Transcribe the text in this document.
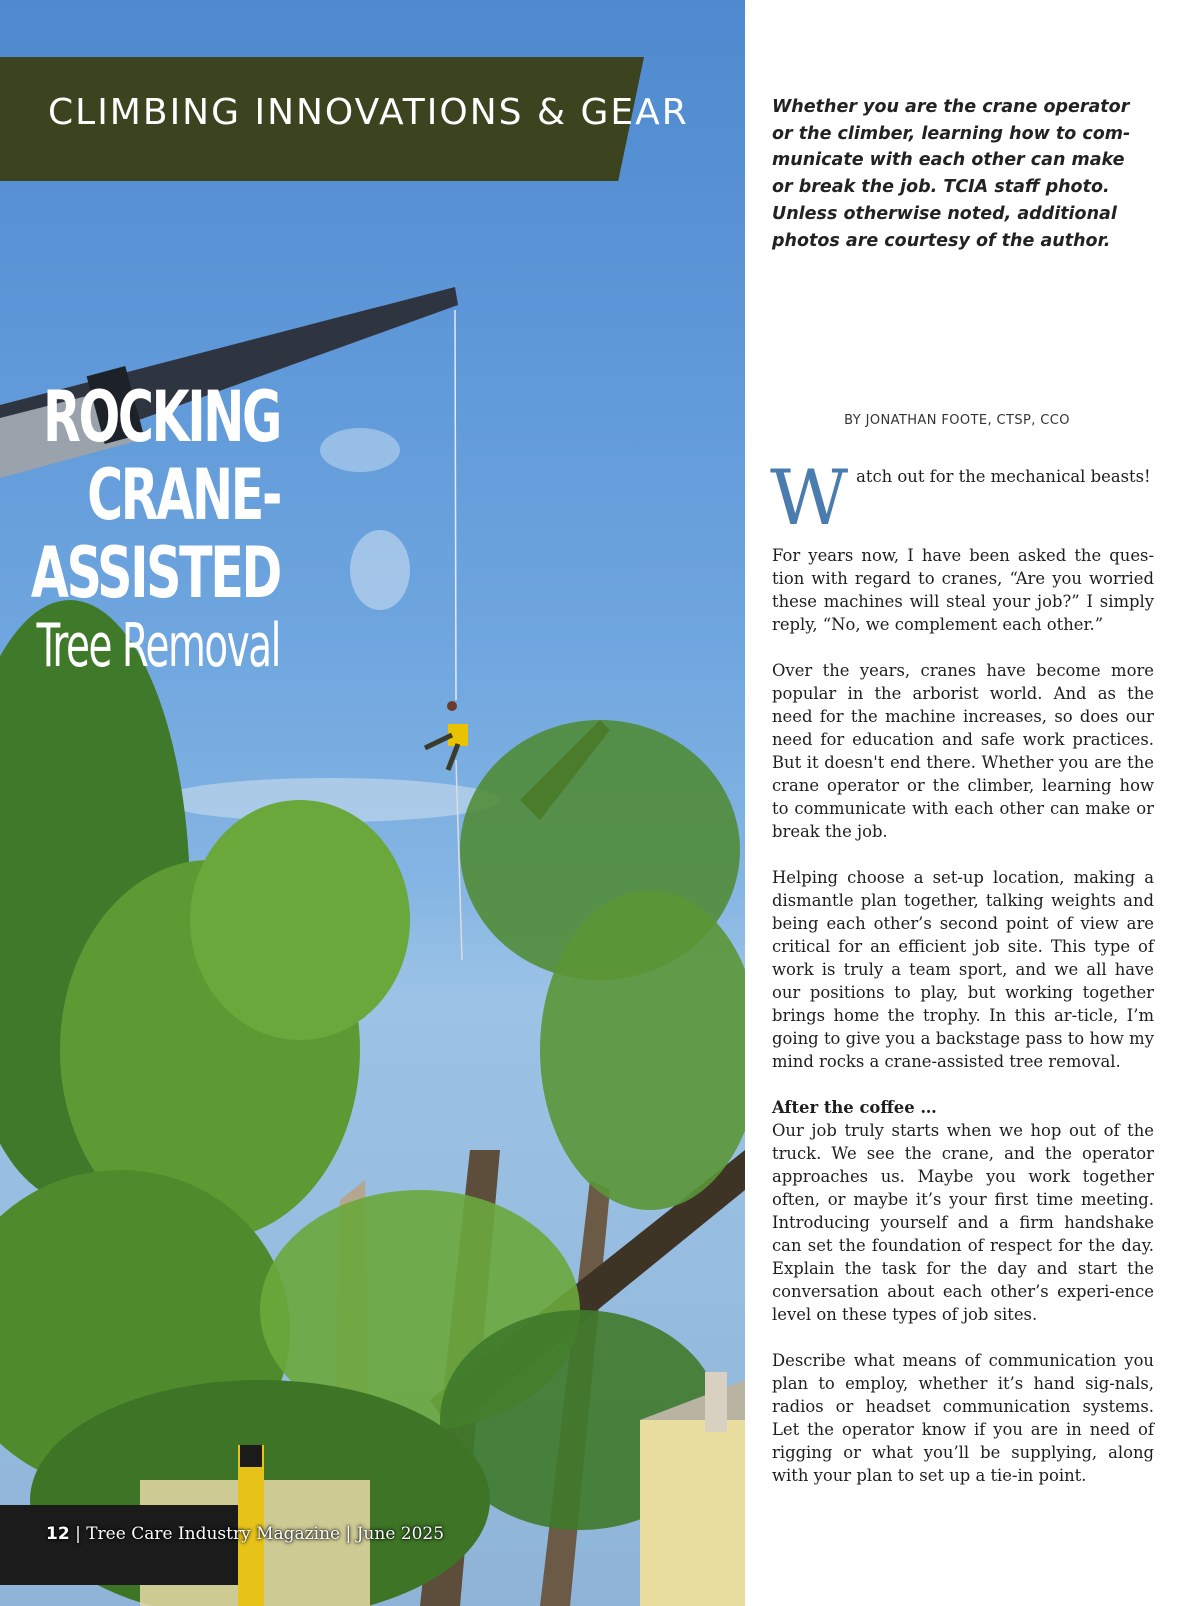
CLIMBING INNOVATIONS & GEAR
ROCKING
CRANE-ASSISTED
Tree Removal
12 | Tree Care Industry Magazine | June 2025
Whether you are the crane operator or the climber, learning how to com-municate with each other can make or break the job. TCIA staff photo. Unless otherwise noted, additional photos are courtesy of the author.
BY JONATHAN FOOTE, CTSP, CCO
W atch out for the mechanical beasts!

For years now, I have been asked the ques-tion with regard to cranes, “Are you worried these machines will steal your job?” I simply reply, “No, we complement each other.”

Over the years, cranes have become more popular in the arborist world. And as the need for the machine increases, so does our need for education and safe work practices. But it doesn't end there. Whether you are the crane operator or the climber, learning how to communicate with each other can make or break the job.

Helping choose a set-up location, making a dismantle plan together, talking weights and being each other’s second point of view are critical for an efficient job site. This type of work is truly a team sport, and we all have our positions to play, but working together brings home the trophy. In this ar-ticle, I’m going to give you a backstage pass to how my mind rocks a crane-assisted tree removal.

After the coffee …

Our job truly starts when we hop out of the truck. We see the crane, and the operator approaches us. Maybe you work together often, or maybe it’s your first time meeting. Introducing yourself and a firm handshake can set the foundation of respect for the day. Explain the task for the day and start the conversation about each other’s experi-ence level on these types of job sites.

Describe what means of communication you plan to employ, whether it’s hand sig-nals, radios or headset communication systems. Let the operator know if you are in need of rigging or what you’ll be supplying, along with your plan to set up a tie-in point.
